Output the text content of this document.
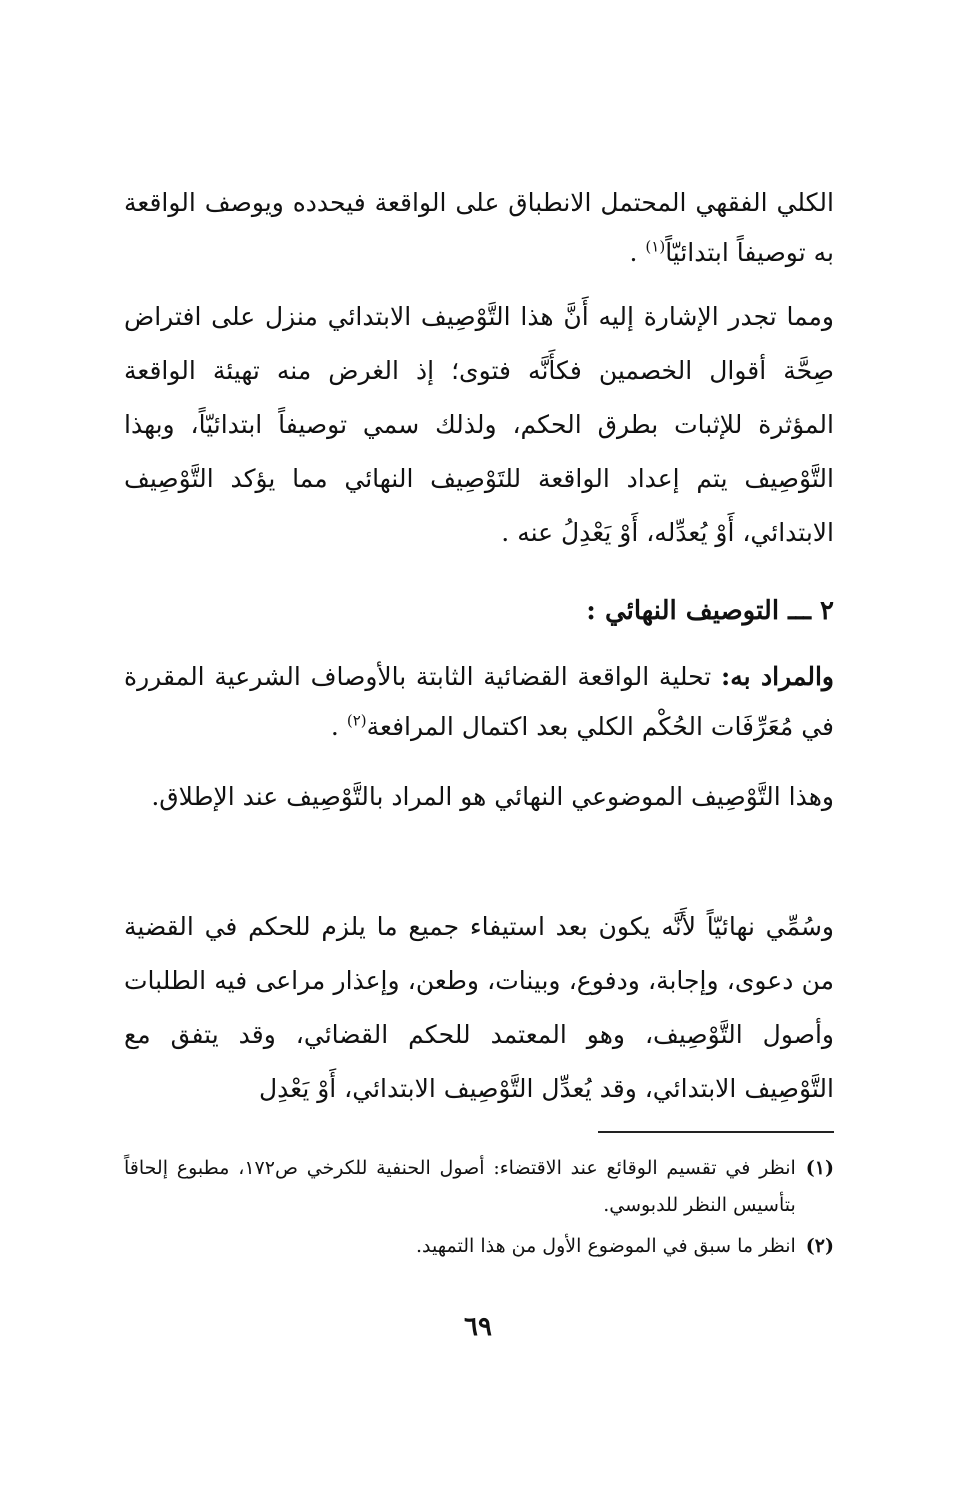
الكلي الفقهي المحتمل الانطباق على الواقعة فيحدده ويوصف الواقعة به توصيفاً ابتدائيّاً$^{(١)}$ .

ومما تجدر الإشارة إليه أَنَّ هذا التَّوْصِيف الابتدائي منزل على افتراض صِحَّة أقوال الخصمين فكأَنَّه فتوى؛ إذ الغرض منه تهيئة الواقعة المؤثرة للإثبات بطرق الحكم، ولذلك سمي توصيفاً ابتدائيّاً، وبهذا التَّوْصِيف يتم إعداد الواقعة للتَوْصِيف النهائي مما يؤكد التَّوْصِيف الابتدائي، أَوْ يُعدِّله، أَوْ يَعْدِلُ عنه .

٢ ـــ التوصيف النهائي :

والمراد به: تحلية الواقعة القضائية الثابتة بالأوصاف الشرعية المقررة في مُعَرِّفَات الحُكْم الكلي بعد اكتمال المرافعة$^{(٢)}$ .

وهذا التَّوْصِيف الموضوعي النهائي هو المراد بالتَّوْصِيف عند الإطلاق.

وسُمِّي نهائيّاً لأَنَّه يكون بعد استيفاء جميع ما يلزم للحكم في القضية من دعوى، وإجابة، ودفوع، وبينات، وطعن، وإعذار مراعى فيه الطلبات وأصول التَّوْصِيف، وهو المعتمد للحكم القضائي، وقد يتفق مع التَّوْصِيف الابتدائي، وقد يُعدِّل التَّوْصِيف الابتدائي، أَوْ يَعْدِل

(١)
انظر في تقسيم الوقائع عند الاقتضاء: أصول الحنفية للكرخي ص١٧٢، مطبوع إلحاقاً بتأسيس النظر للدبوسي.
(٢)
انظر ما سبق في الموضوع الأول من هذا التمهيد.

٦٩
